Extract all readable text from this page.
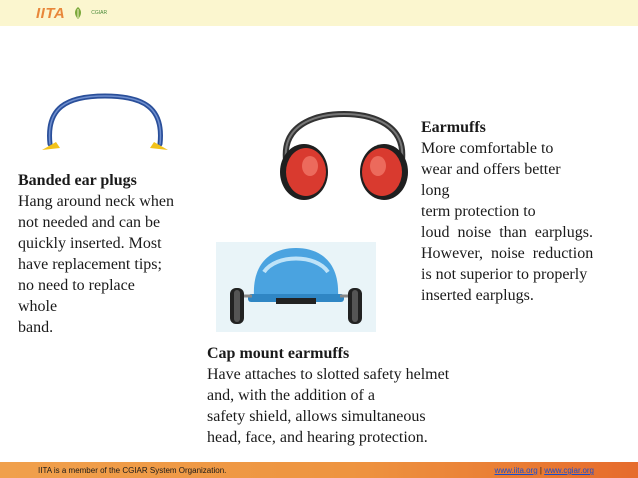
IITA	CGIAR
Banded ear plugs
Hang around neck when
not needed and can be
quickly inserted. Most
have replacement tips;
no need to replace
whole
band.
Earmuffs
More comfortable to
wear and offers better
long
term protection to
loud  noise  than  earplugs.
However,  noise  reduction
is not superior to properly
inserted earplugs.
Cap mount earmuffs
Have attaches to slotted safety helmet
and, with the addition of a
safety shield, allows simultaneous
head, face, and hearing protection.
IITA is a member of the CGIAR System Organization.	www.iita.org | www.cgiar.org
